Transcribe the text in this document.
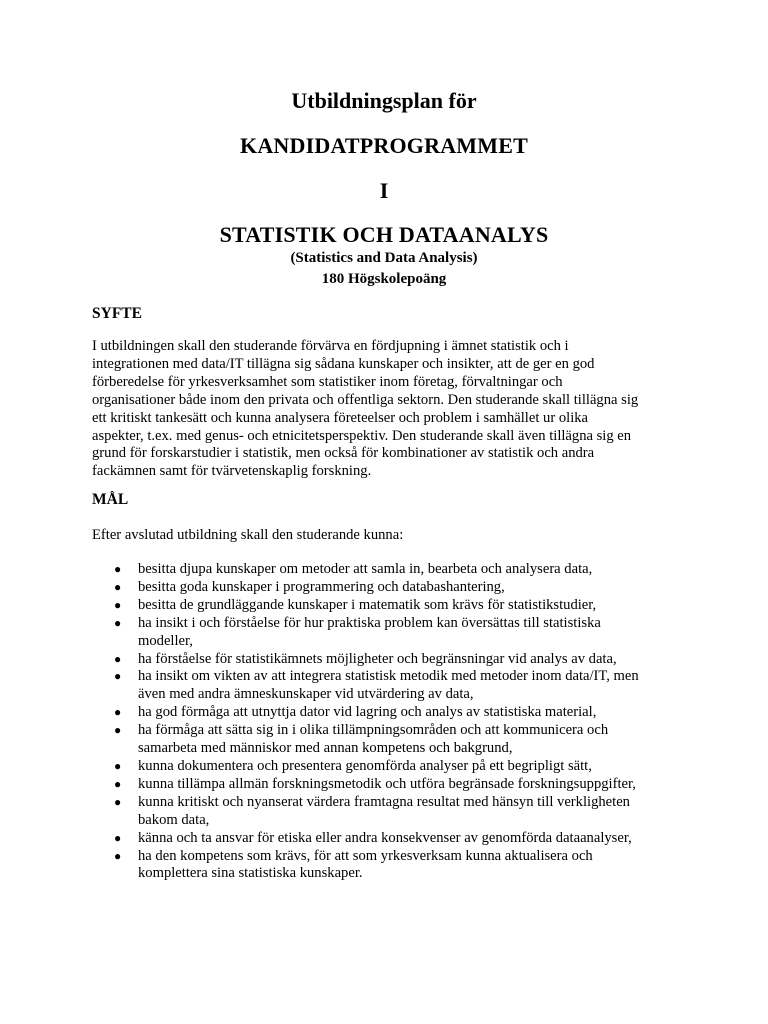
Utbildningsplan för
KANDIDATPROGRAMMET
I
STATISTIK OCH DATAANALYS
(Statistics and Data Analysis)
180 Högskolepoäng
SYFTE
I utbildningen skall den studerande förvärva en fördjupning i ämnet statistik och i
integrationen med data/IT tillägna sig sådana kunskaper och insikter, att de ger en god
förberedelse för yrkesverksamhet som statistiker inom företag, förvaltningar och
organisationer både inom den privata och offentliga sektorn. Den studerande skall tillägna sig
ett kritiskt tankesätt och kunna analysera företeelser och problem i samhället ur olika
aspekter, t.ex. med genus- och etnicitetsperspektiv. Den studerande skall även tillägna sig en
grund för forskarstudier i statistik, men också för kombinationer av statistik och andra
fackämnen samt för tvärvetenskaplig forskning.
MÅL
Efter avslutad utbildning skall den studerande kunna:
● besitta djupa kunskaper om metoder att samla in, bearbeta och analysera data,
● besitta goda kunskaper i programmering och databashantering,
● besitta de grundläggande kunskaper i matematik som krävs för statistikstudier,
● ha insikt i och förståelse för hur praktiska problem kan översättas till statistiska
modeller,
● ha förståelse för statistikämnets möjligheter och begränsningar vid analys av data,
● ha insikt om vikten av att integrera statistisk metodik med metoder inom data/IT, men
även med andra ämneskunskaper vid utvärdering av data,
● ha god förmåga att utnyttja dator vid lagring och analys av statistiska material,
● ha förmåga att sätta sig in i olika tillämpningsområden och att kommunicera och
samarbeta med människor med annan kompetens och bakgrund,
● kunna dokumentera och presentera genomförda analyser på ett begripligt sätt,
● kunna tillämpa allmän forskningsmetodik och utföra begränsade forskningsuppgifter,
● kunna kritiskt och nyanserat värdera framtagna resultat med hänsyn till verkligheten
bakom data,
● känna och ta ansvar för etiska eller andra konsekvenser av genomförda dataanalyser,
● ha den kompetens som krävs, för att som yrkesverksam kunna aktualisera och
komplettera sina statistiska kunskaper.
